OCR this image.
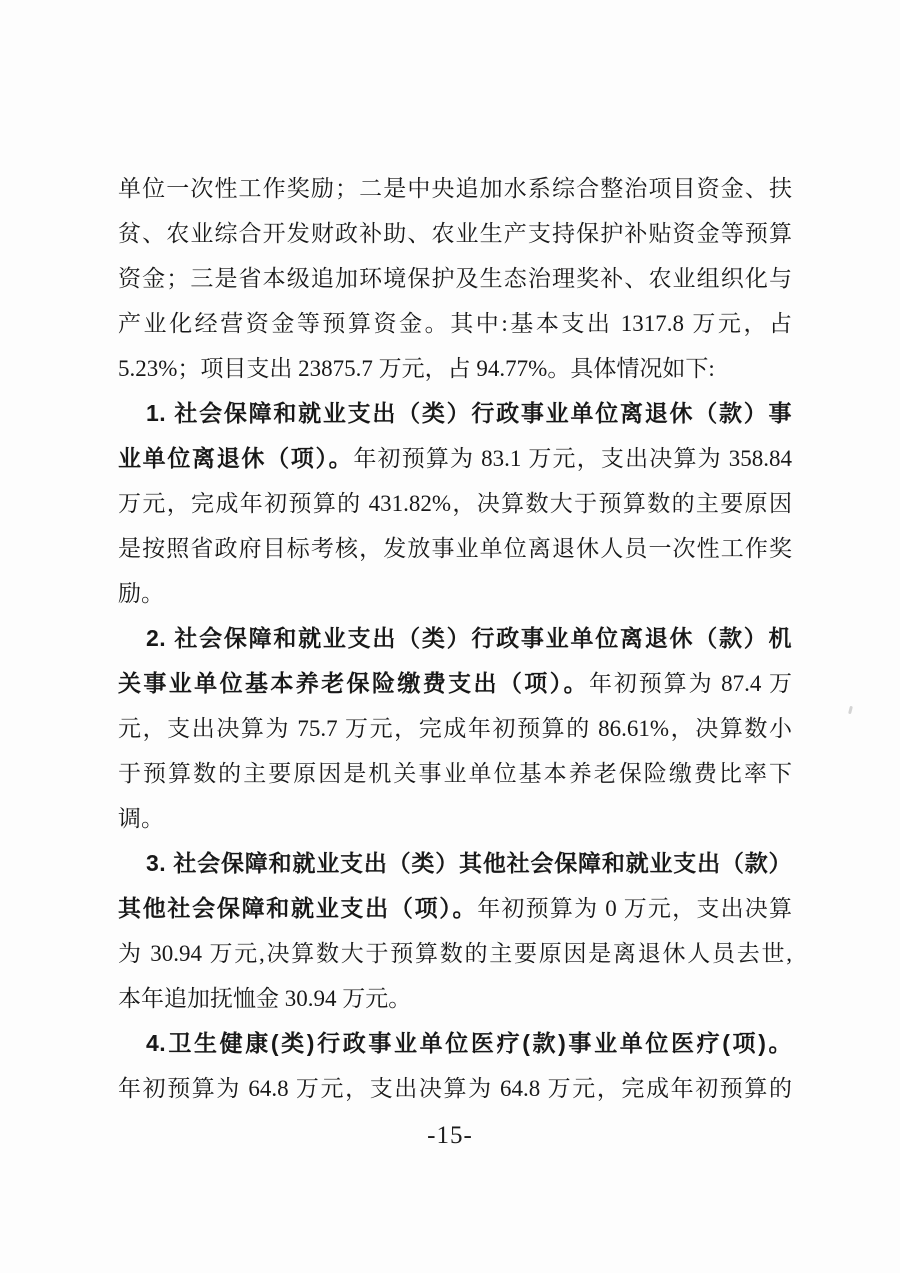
单位一次性工作奖励；二是中央追加水系综合整治项目资金、扶
贫、农业综合开发财政补助、农业生产支持保护补贴资金等预算
资金；三是省本级追加环境保护及生态治理奖补、农业组织化与
产业化经营资金等预算资金。其中:基本支出 1317.8 万元，占
5.23%；项目支出 23875.7 万元，占 94.77%。具体情况如下:
1. 社会保障和就业支出（类）行政事业单位离退休（款）事
业单位离退休（项）。年初预算为 83.1 万元，支出决算为 358.84
万元，完成年初预算的 431.82%，决算数大于预算数的主要原因
是按照省政府目标考核，发放事业单位离退休人员一次性工作奖
励。
2. 社会保障和就业支出（类）行政事业单位离退休（款）机
关事业单位基本养老保险缴费支出（项）。年初预算为 87.4 万
元，支出决算为 75.7 万元，完成年初预算的 86.61%，决算数小
于预算数的主要原因是机关事业单位基本养老保险缴费比率下
调。
3. 社会保障和就业支出（类）其他社会保障和就业支出（款）
其他社会保障和就业支出（项）。年初预算为 0 万元，支出决算
为 30.94 万元,决算数大于预算数的主要原因是离退休人员去世,
本年追加抚恤金 30.94 万元。
4.卫生健康(类)行政事业单位医疗(款)事业单位医疗(项)。
年初预算为 64.8 万元，支出决算为 64.8 万元，完成年初预算的
-15-
